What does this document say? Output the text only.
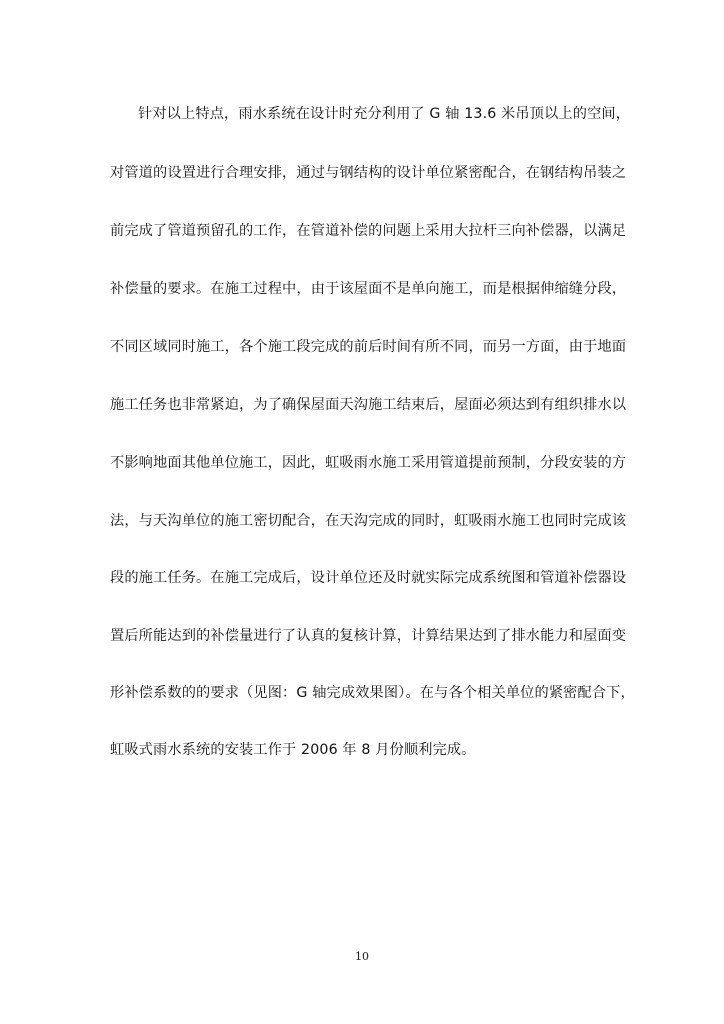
针对以上特点，雨水系统在设计时充分利用了 G 轴 13.6 米吊顶以上的空间，
对管道的设置进行合理安排，通过与钢结构的设计单位紧密配合，在钢结构吊装之
前完成了管道预留孔的工作，在管道补偿的问题上采用大拉杆三向补偿器，以满足
补偿量的要求。在施工过程中，由于该屋面不是单向施工，而是根据伸缩缝分段，
不同区域同时施工，各个施工段完成的前后时间有所不同，而另一方面，由于地面
施工任务也非常紧迫，为了确保屋面天沟施工结束后，屋面必须达到有组织排水以
不影响地面其他单位施工，因此，虹吸雨水施工采用管道提前预制，分段安装的方
法，与天沟单位的施工密切配合，在天沟完成的同时，虹吸雨水施工也同时完成该
段的施工任务。在施工完成后，设计单位还及时就实际完成系统图和管道补偿器设
置后所能达到的补偿量进行了认真的复核计算，计算结果达到了排水能力和屋面变
形补偿系数的的要求（见图：G 轴完成效果图）。在与各个相关单位的紧密配合下，
虹吸式雨水系统的安装工作于 2006 年 8 月份顺利完成。
10
